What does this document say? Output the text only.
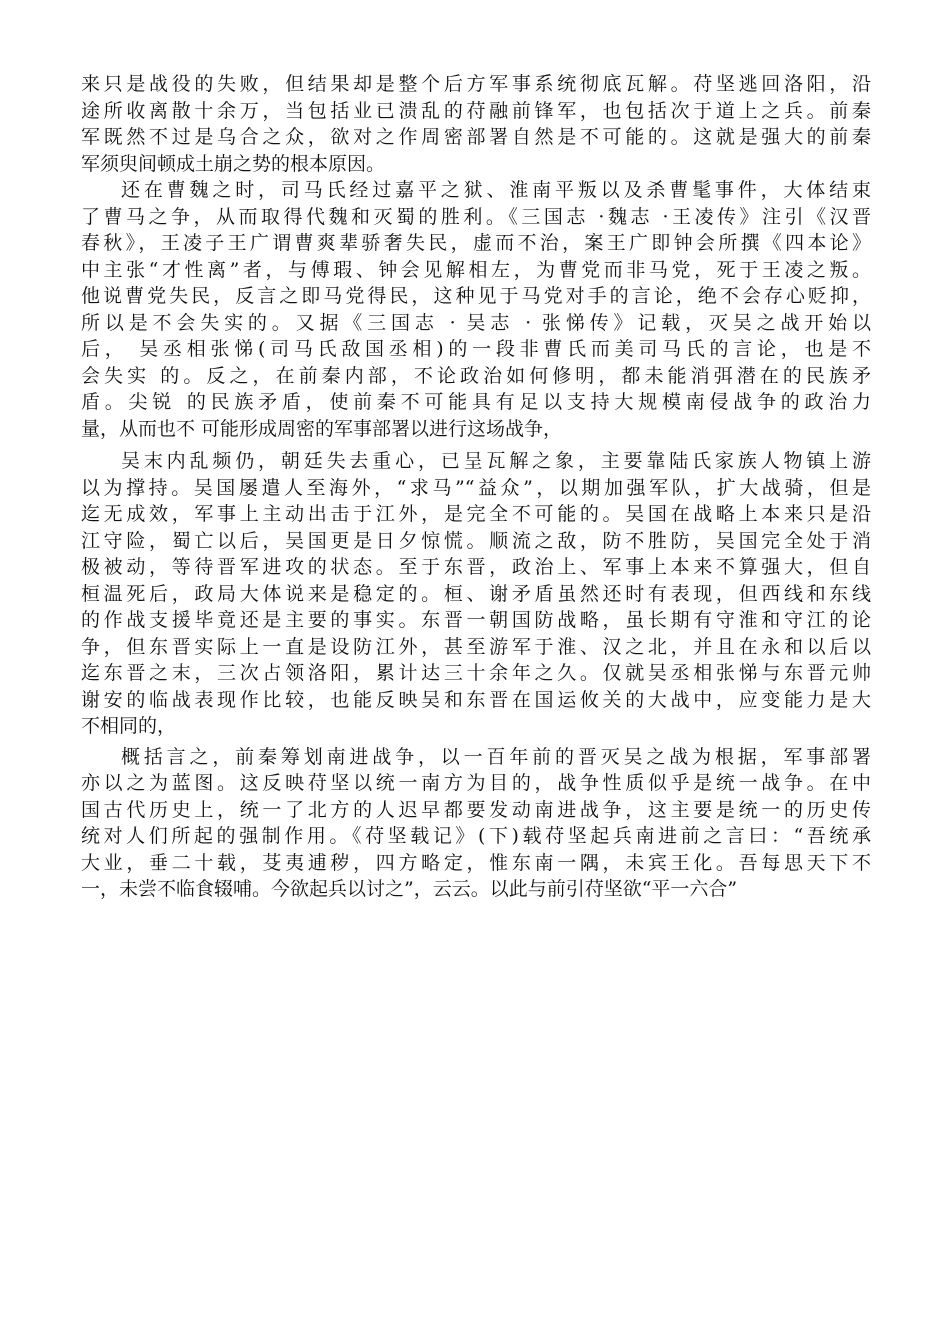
来只是战役的失败，但结果却是整个后方军事系统彻底瓦解。苻坚逃回洛阳，沿
途所收离散十余万，当包括业已溃乱的苻融前锋军，也包括次于道上之兵。前秦
军既然不过是乌合之众，欲对之作周密部署自然是不可能的。这就是强大的前秦
军须臾间顿成土崩之势的根本原因。
还在曹魏之时，司马氏经过嘉平之狱、淮南平叛以及杀曹髦事件，大体结束
了曹马之争，从而取得代魏和灭蜀的胜利。《三国志 ·魏志 ·王凌传》注引《汉晋
春秋》，王凌子王广谓曹爽辈骄奢失民，虚而不治，案王广即钟会所撰《四本论》
中主张“才性离”者，与傅瑕、钟会见解相左，为曹党而非马党，死于王凌之叛。
他说曹党失民，反言之即马党得民，这种见于马党对手的言论，绝不会存心贬抑，
所以是不会失实的。又据《三国志 · 吴志 · 张悌传》记载，灭吴之战开始以
后， 吴丞相张悌(司马氏敌国丞相)的一段非曹氏而美司马氏的言论，也是不
会失实 的。反之，在前秦内部，不论政治如何修明，都未能消弭潜在的民族矛
盾。尖锐 的民族矛盾，使前秦不可能具有足以支持大规模南侵战争的政治力
量，从而也不 可能形成周密的军事部署以进行这场战争，
吴末内乱频仍，朝廷失去重心，已呈瓦解之象，主要靠陆氏家族人物镇上游
以为撑持。吴国屡遣人至海外，“求马”“益众”，以期加强军队，扩大战骑，但是
迄无成效，军事上主动出击于江外，是完全不可能的。吴国在战略上本来只是沿
江守险，蜀亡以后，吴国更是日夕惊慌。顺流之敌，防不胜防，吴国完全处于消
极被动，等待晋军进攻的状态。至于东晋，政治上、军事上本来不算强大，但自
桓温死后，政局大体说来是稳定的。桓、谢矛盾虽然还时有表现，但西线和东线
的作战支援毕竟还是主要的事实。东晋一朝国防战略，虽长期有守淮和守江的论
争，但东晋实际上一直是设防江外，甚至游军于淮、汉之北，并且在永和以后以
迄东晋之末，三次占领洛阳，累计达三十余年之久。仅就吴丞相张悌与东晋元帅
谢安的临战表现作比较，也能反映吴和东晋在国运攸关的大战中，应变能力是大
不相同的，
概括言之，前秦筹划南进战争，以一百年前的晋灭吴之战为根据，军事部署
亦以之为蓝图。这反映苻坚以统一南方为目的，战争性质似乎是统一战争。在中
国古代历史上，统一了北方的人迟早都要发动南进战争，这主要是统一的历史传
统对人们所起的强制作用。《苻坚载记》(下)载苻坚起兵南进前之言曰：“吾统承
大业，垂二十载，芟夷逋秽，四方略定，惟东南一隅，未宾王化。吾每思天下不
一，未尝不临食辍哺。今欲起兵以讨之”，云云。以此与前引苻坚欲“平一六合”
